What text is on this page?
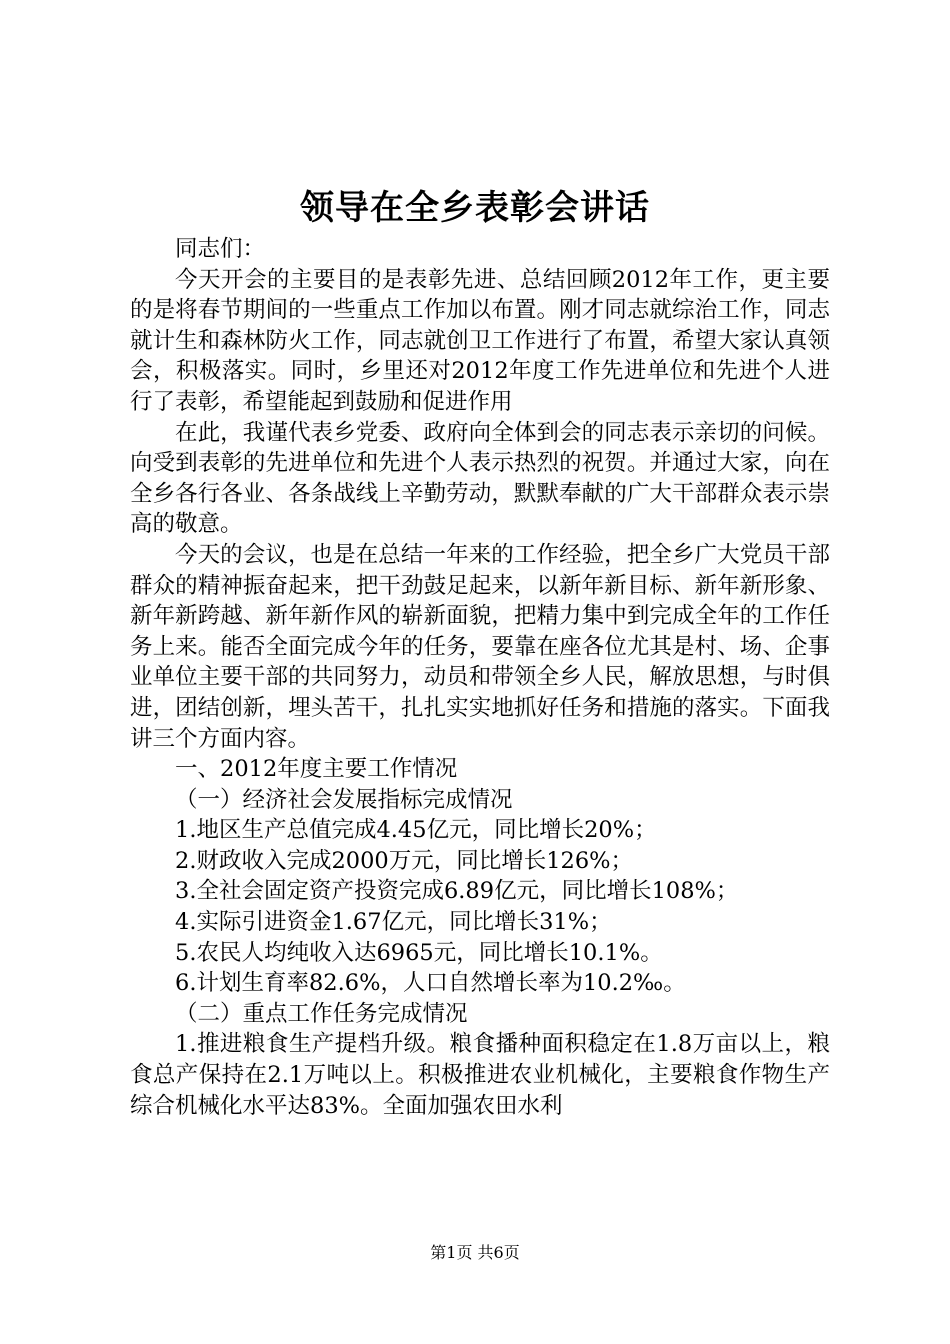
领导在全乡表彰会讲话

同志们：

今天开会的主要目的是表彰先进、总结回顾2012年工作，更主要的是将春节期间的一些重点工作加以布置。刚才同志就综治工作，同志就计生和森林防火工作，同志就创卫工作进行了布置，希望大家认真领会，积极落实。同时，乡里还对2012年度工作先进单位和先进个人进行了表彰，希望能起到鼓励和促进作用

在此，我谨代表乡党委、政府向全体到会的同志表示亲切的问候。向受到表彰的先进单位和先进个人表示热烈的祝贺。并通过大家，向在全乡各行各业、各条战线上辛勤劳动，默默奉献的广大干部群众表示崇高的敬意。

今天的会议，也是在总结一年来的工作经验，把全乡广大党员干部群众的精神振奋起来，把干劲鼓足起来，以新年新目标、新年新形象、新年新跨越、新年新作风的崭新面貌，把精力集中到完成全年的工作任务上来。能否全面完成今年的任务，要靠在座各位尤其是村、场、企事业单位主要干部的共同努力，动员和带领全乡人民，解放思想，与时俱进，团结创新，埋头苦干，扎扎实实地抓好任务和措施的落实。下面我讲三个方面内容。

一、2012年度主要工作情况

（一）经济社会发展指标完成情况

1.地区生产总值完成4.45亿元，同比增长20%；

2.财政收入完成2000万元，同比增长126%；

3.全社会固定资产投资完成6.89亿元，同比增长108%；

4.实际引进资金1.67亿元，同比增长31%；

5.农民人均纯收入达6965元，同比增长10.1%。

6.计划生育率82.6%，人口自然增长率为10.2‰。

（二）重点工作任务完成情况

1.推进粮食生产提档升级。粮食播种面积稳定在1.8万亩以上，粮食总产保持在2.1万吨以上。积极推进农业机械化，主要粮食作物生产综合机械化水平达83%。全面加强农田水利

第1页 共6页
